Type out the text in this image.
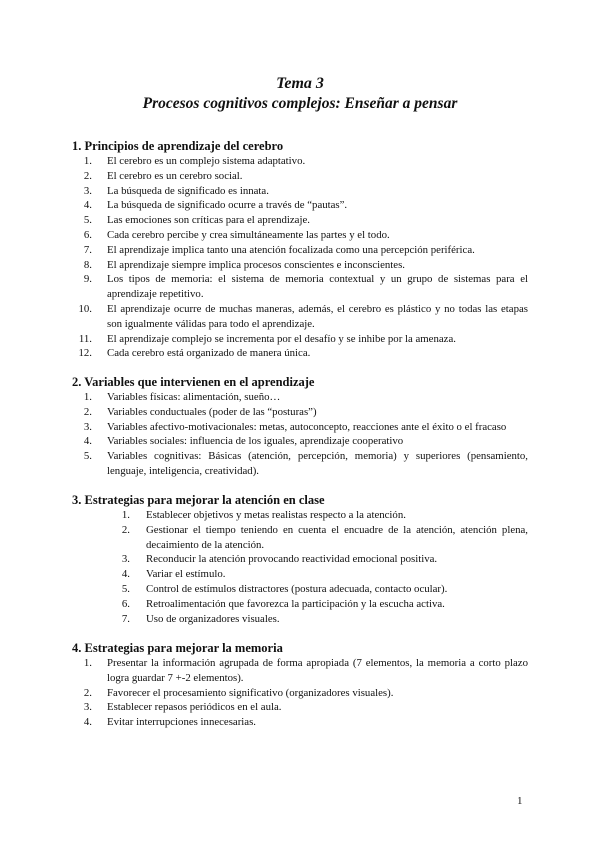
Tema 3
Procesos cognitivos complejos: Enseñar a pensar
1. Principios de aprendizaje del cerebro
1. El cerebro es un complejo sistema adaptativo.
2. El cerebro es un cerebro social.
3. La búsqueda de significado es innata.
4. La búsqueda de significado ocurre a través de “pautas”.
5. Las emociones son críticas para el aprendizaje.
6. Cada cerebro percibe y crea simultáneamente las partes y el todo.
7. El aprendizaje implica tanto una atención focalizada como una percepción periférica.
8. El aprendizaje siempre implica procesos conscientes e inconscientes.
9. Los tipos de memoria: el sistema de memoria contextual y un grupo de sistemas para el aprendizaje repetitivo.
10. El aprendizaje ocurre de muchas maneras, además, el cerebro es plástico y no todas las etapas son igualmente válidas para todo el aprendizaje.
11. El aprendizaje complejo se incrementa por el desafío y se inhibe por la amenaza.
12. Cada cerebro está organizado de manera única.
2. Variables que intervienen en el aprendizaje
1. Variables físicas: alimentación, sueño…
2. Variables conductuales (poder de las “posturas”)
3. Variables afectivo-motivacionales: metas, autoconcepto, reacciones ante el éxito o el fracaso
4. Variables sociales: influencia de los iguales, aprendizaje cooperativo
5. Variables cognitivas: Básicas (atención, percepción, memoria) y superiores (pensamiento, lenguaje, inteligencia, creatividad).
3. Estrategias para mejorar la atención en clase
1. Establecer objetivos y metas realistas respecto a la atención.
2. Gestionar el tiempo teniendo en cuenta el encuadre de la atención, atención plena, decaimiento de la atención.
3. Reconducir la atención provocando reactividad emocional positiva.
4. Variar el estímulo.
5. Control de estímulos distractores (postura adecuada, contacto ocular).
6. Retroalimentación que favorezca la participación y la escucha activa.
7. Uso de organizadores visuales.
4. Estrategias para mejorar la memoria
1. Presentar la información agrupada de forma apropiada (7 elementos, la memoria a corto plazo logra guardar 7 +-2 elementos).
2. Favorecer el procesamiento significativo (organizadores visuales).
3. Establecer repasos periódicos en el aula.
4. Evitar interrupciones innecesarias.
1
